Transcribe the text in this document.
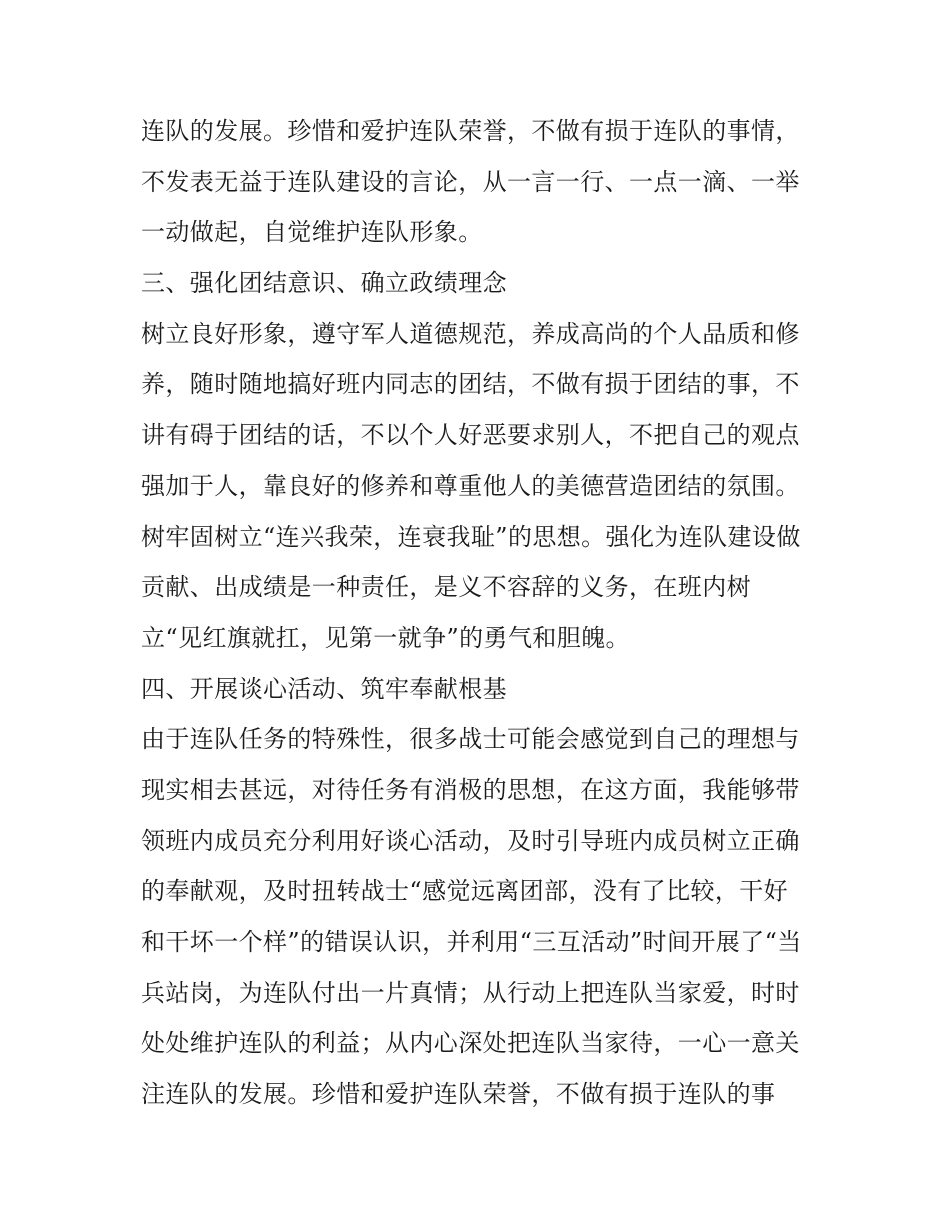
连队的发展。珍惜和爱护连队荣誉，不做有损于连队的事情，
不发表无益于连队建设的言论，从一言一行、一点一滴、一举
一动做起，自觉维护连队形象。
三、强化团结意识、确立政绩理念
树立良好形象，遵守军人道德规范，养成高尚的个人品质和修
养，随时随地搞好班内同志的团结，不做有损于团结的事，不
讲有碍于团结的话，不以个人好恶要求别人，不把自己的观点
强加于人，靠良好的修养和尊重他人的美德营造团结的氛围。
树牢固树立“连兴我荣，连衰我耻”的思想。强化为连队建设做
贡献、出成绩是一种责任，是义不容辞的义务，在班内树
立“见红旗就扛，见第一就争”的勇气和胆魄。
四、开展谈心活动、筑牢奉献根基
由于连队任务的特殊性，很多战士可能会感觉到自己的理想与
现实相去甚远，对待任务有消极的思想，在这方面，我能够带
领班内成员充分利用好谈心活动，及时引导班内成员树立正确
的奉献观，及时扭转战士“感觉远离团部，没有了比较，干好
和干坏一个样”的错误认识，并利用“三互活动”时间开展了“当
兵站岗，为连队付出一片真情；从行动上把连队当家爱，时时
处处维护连队的利益；从内心深处把连队当家待，一心一意关
注连队的发展。珍惜和爱护连队荣誉，不做有损于连队的事
